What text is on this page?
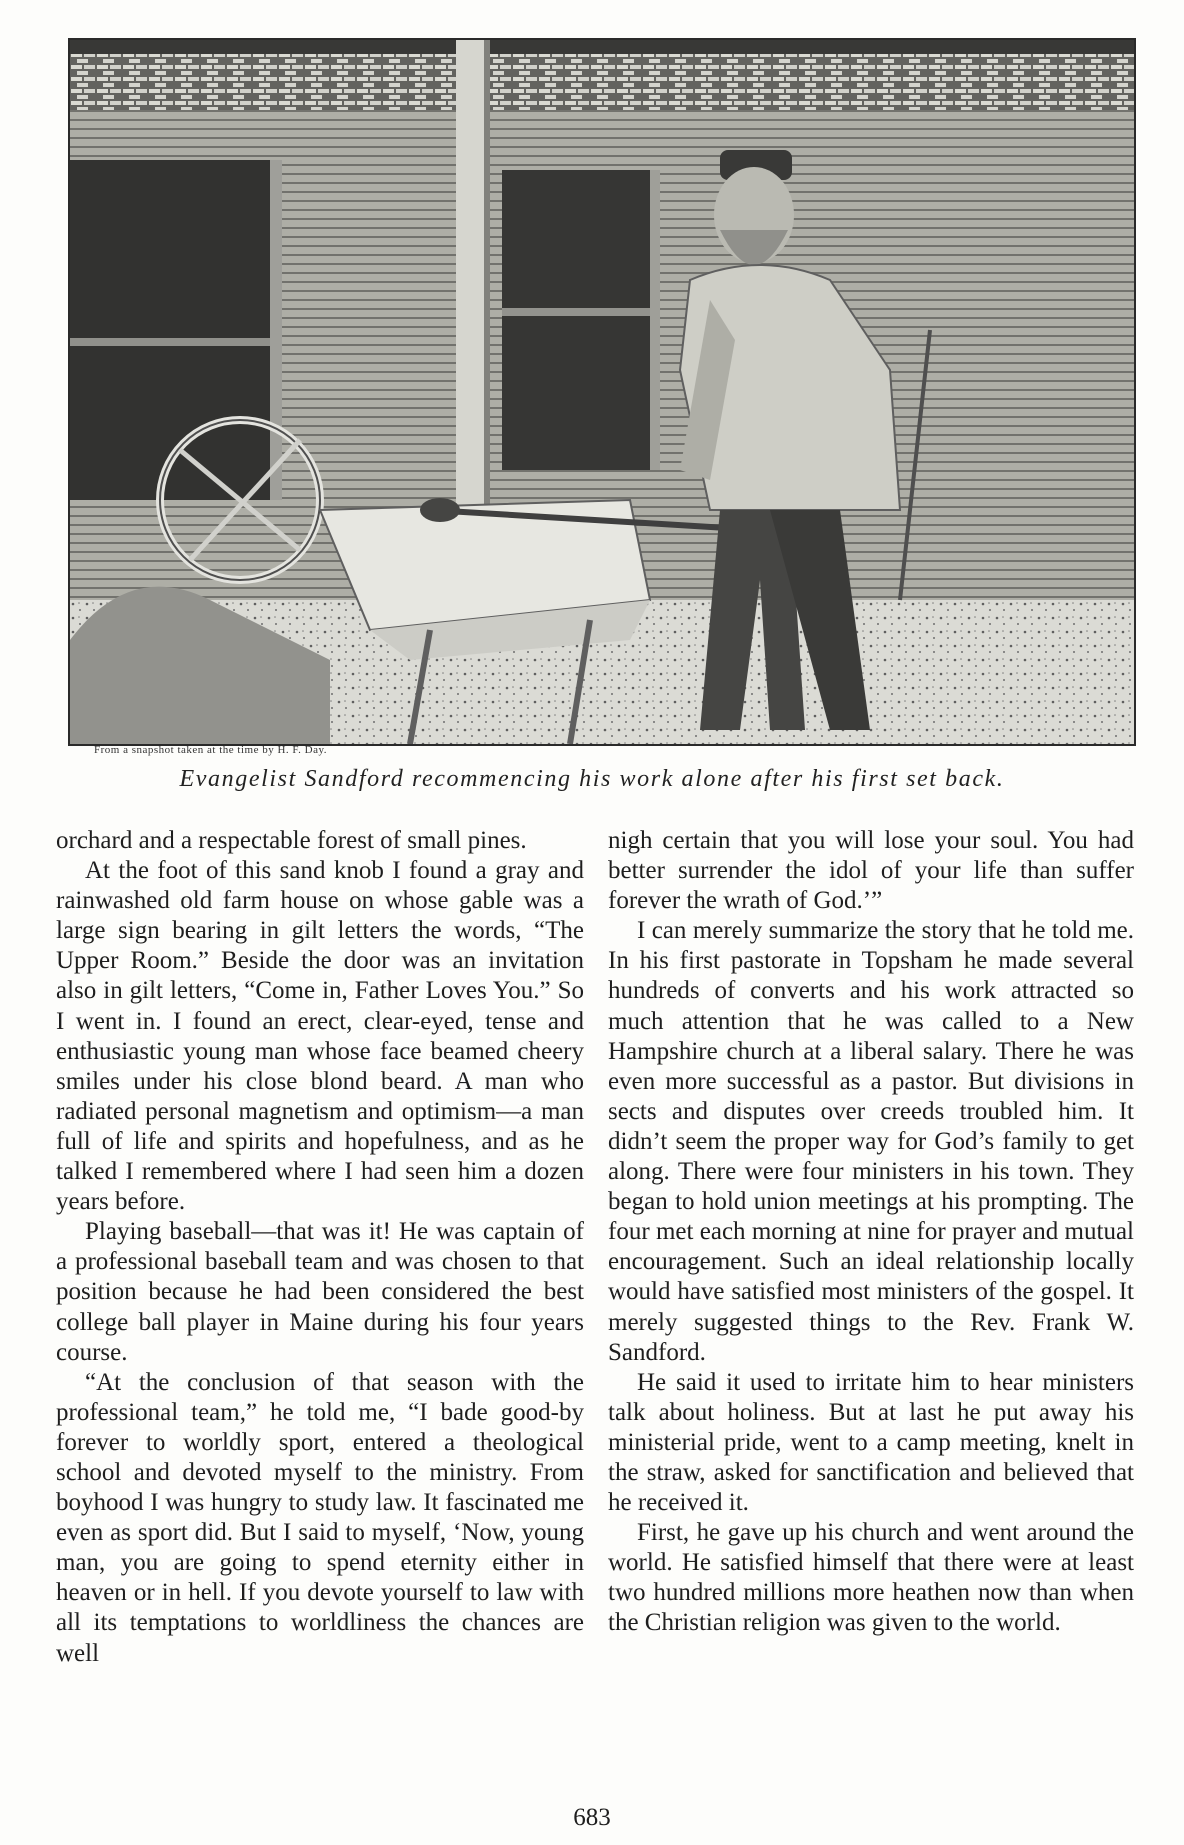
From a snapshot taken at the time by H. F. Day.
Evangelist Sandford recommencing his work alone after his first set back.

orchard and a respectable forest of small pines.

At the foot of this sand knob I found a gray and rainwashed old farm house on whose gable was a large sign bearing in gilt letters the words, “The Upper Room.” Beside the door was an invitation also in gilt letters, “Come in, Father Loves You.” So I went in. I found an erect, clear-eyed, tense and enthusiastic young man whose face beamed cheery smiles under his close blond beard. A man who radiated personal magnetism and optimism—a man full of life and spirits and hopefulness, and as he talked I remembered where I had seen him a dozen years before.

Playing baseball—that was it! He was captain of a professional baseball team and was chosen to that position because he had been considered the best college ball player in Maine during his four years course.

“At the conclusion of that season with the professional team,” he told me, “I bade good-by forever to worldly sport, entered a theological school and devoted myself to the ministry. From boyhood I was hungry to study law. It fascinated me even as sport did. But I said to myself, ‘Now, young man, you are going to spend eternity either in heaven or in hell. If you devote yourself to law with all its temptations to worldliness the chances are well

nigh certain that you will lose your soul. You had better surrender the idol of your life than suffer forever the wrath of God.’”

I can merely summarize the story that he told me. In his first pastorate in Topsham he made several hundreds of converts and his work attracted so much attention that he was called to a New Hampshire church at a liberal salary. There he was even more successful as a pastor. But divisions in sects and disputes over creeds troubled him. It didn’t seem the proper way for God’s family to get along. There were four ministers in his town. They began to hold union meetings at his prompting. The four met each morning at nine for prayer and mutual encouragement. Such an ideal relationship locally would have satisfied most ministers of the gospel. It merely suggested things to the Rev. Frank W. Sandford.

He said it used to irritate him to hear ministers talk about holiness. But at last he put away his ministerial pride, went to a camp meeting, knelt in the straw, asked for sanctification and believed that he received it.

First, he gave up his church and went around the world. He satisfied himself that there were at least two hundred millions more heathen now than when the Christian religion was given to the world.

683
